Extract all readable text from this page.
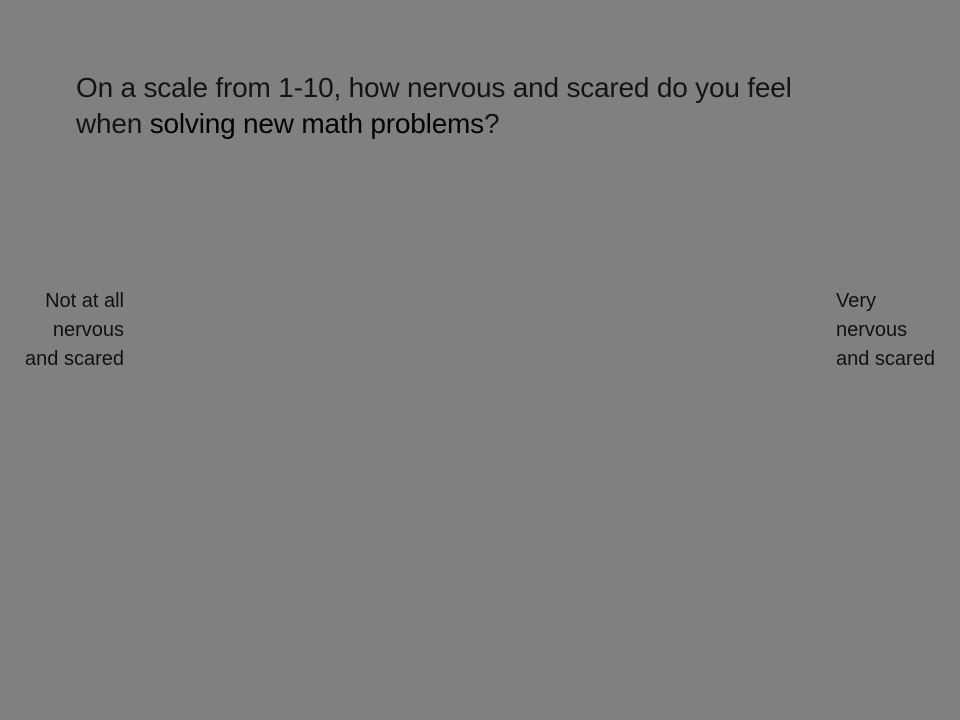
On a scale from 1-10, how nervous and scared do you feel when solving new math problems?
Not at all
nervous
and scared
Very
nervous
and scared
